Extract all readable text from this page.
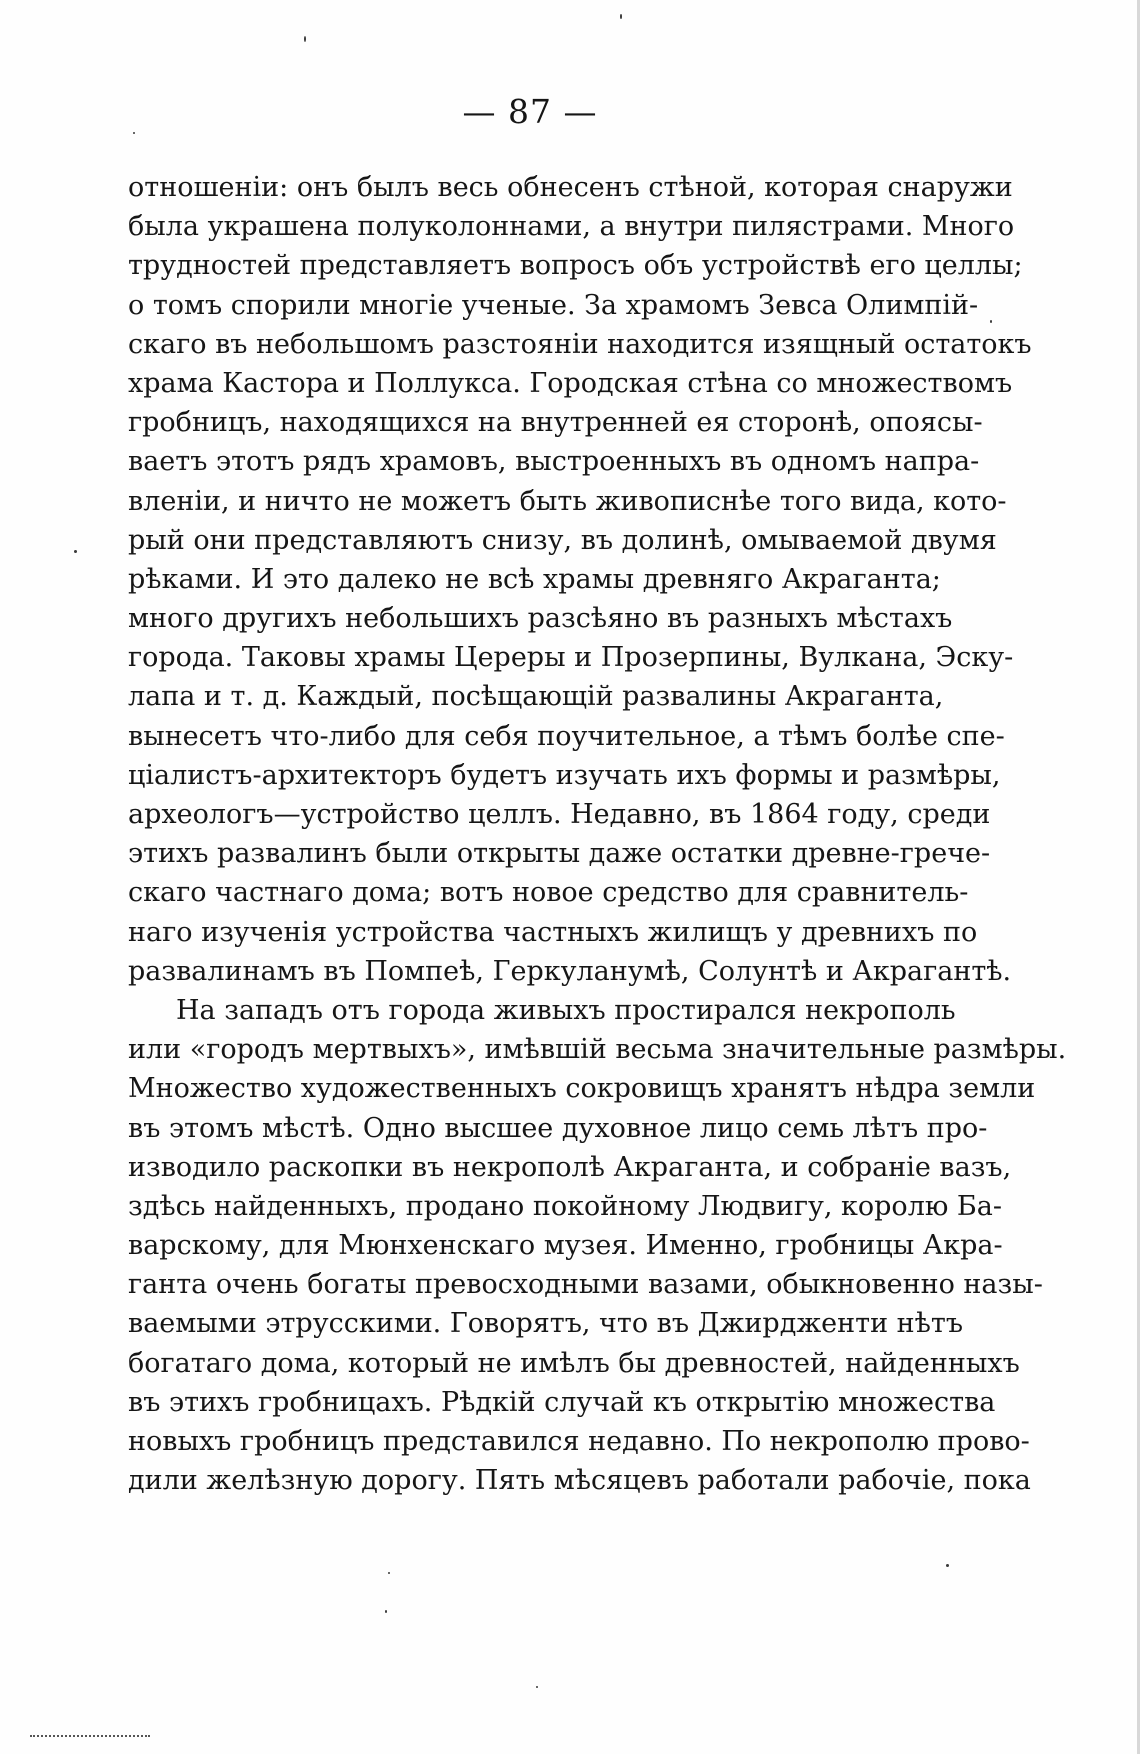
— 87 —
отношенiи: онъ былъ весь обнесенъ стѣной, которая снаружи
была украшена полуколоннами, а внутри пилястрами. Много
трудностей представляетъ вопросъ объ устройствѣ его целлы;
о томъ спорили многiе ученые. За храмомъ Зевса Олимпiй-
скаго въ небольшомъ разстоянiи находится изящный остатокъ
храма Кастора и Поллукса. Городская стѣна со множествомъ
гробницъ, находящихся на внутренней ея сторонѣ, опоясы-
ваетъ этотъ рядъ храмовъ, выстроенныхъ въ одномъ напра-
вленiи, и ничто не можетъ быть живописнѣе того вида, кото-
рый они представляютъ снизу, въ долинѣ, омываемой двумя
рѣками. И это далеко не всѣ храмы древняго Акраганта;
много другихъ небольшихъ разсѣяно въ разныхъ мѣстахъ
города. Таковы храмы Цереры и Прозерпины, Вулкана, Эску-
лапа и т. д. Каждый, посѣщающiй развалины Акраганта,
вынесетъ что-либо для себя поучительное, а тѣмъ болѣе спе-
цiалистъ-архитекторъ будетъ изучать ихъ формы и размѣры,
археологъ—устройство целлъ. Недавно, въ 1864 году, среди
этихъ развалинъ были открыты даже остатки древне-грече-
скаго частнаго дома; вотъ новое средство для сравнитель-
наго изученiя устройства частныхъ жилищъ у древнихъ по
развалинамъ въ Помпеѣ, Геркуланумѣ, Солунтѣ и Акрагантѣ.
На западъ отъ города живыхъ простирался некрополь
или «городъ мертвыхъ», имѣвшiй весьма значительные размѣры.
Множество художественныхъ сокровищъ хранятъ нѣдра земли
въ этомъ мѣстѣ. Одно высшее духовное лицо семь лѣтъ про-
изводило раскопки въ некрополѣ Акраганта, и собранiе вазъ,
здѣсь найденныхъ, продано покойному Людвигу, королю Ба-
варскому, для Мюнхенскаго музея. Именно, гробницы Акра-
ганта очень богаты превосходными вазами, обыкновенно назы-
ваемыми этрусскими. Говорятъ, что въ Джирдженти нѣтъ
богатаго дома, который не имѣлъ бы древностей, найденныхъ
въ этихъ гробницахъ. Рѣдкiй случай къ открытiю множества
новыхъ гробницъ представился недавно. По некрополю прово-
дили желѣзную дорогу. Пять мѣсяцевъ работали рабочiе, пока
